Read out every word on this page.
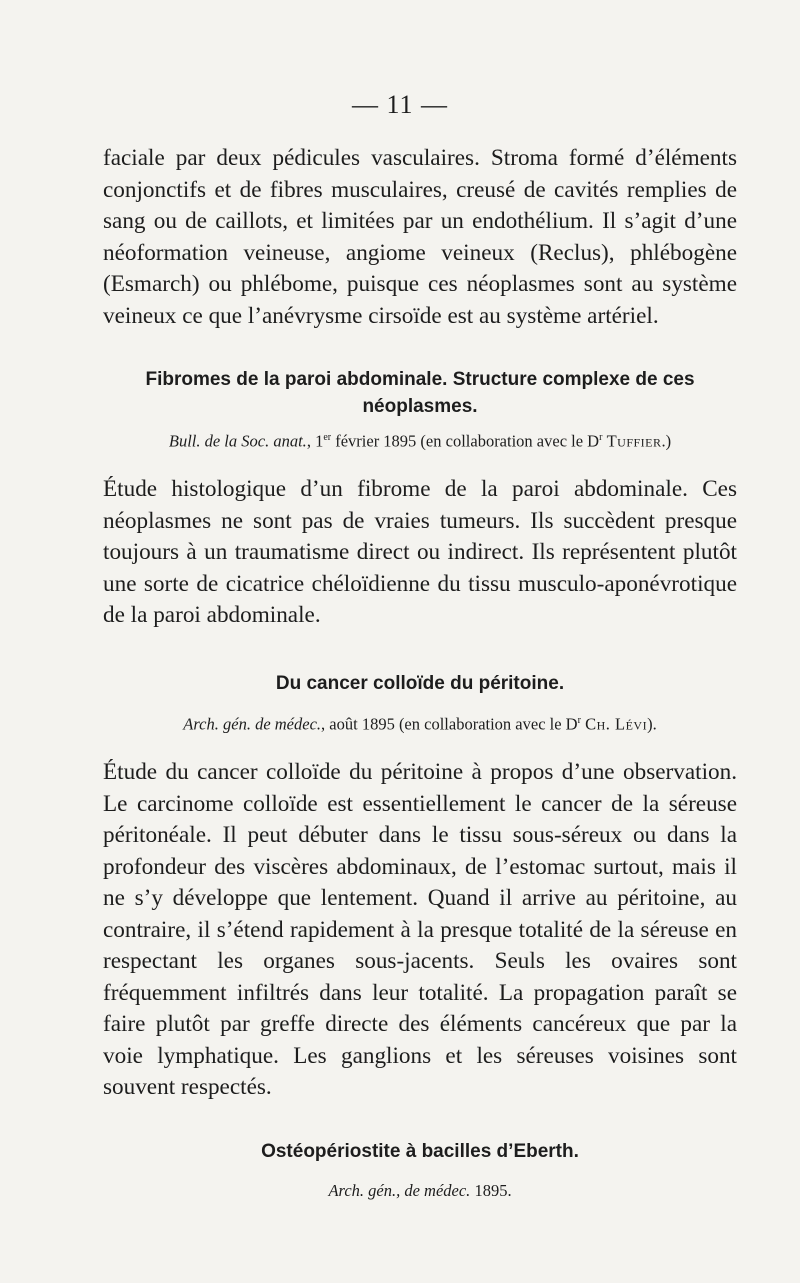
— 11 —

faciale par deux pédicules vasculaires. Stroma formé d’éléments conjonctifs et de fibres musculaires, creusé de cavités remplies de sang ou de caillots, et limitées par un endothélium. Il s’agit d’une néoformation veineuse, angiome veineux (Reclus), phlébogène (Esmarch) ou phlébome, puisque ces néoplasmes sont au système veineux ce que l’anévrysme cirsoïde est au système artériel.

Fibromes de la paroi abdominale. Structure complexe de ces néoplasmes.

Bull. de la Soc. anat., 1er février 1895 (en collaboration avec le $D^r$ Tuffier.)

Étude histologique d’un fibrome de la paroi abdominale. Ces néoplasmes ne sont pas de vraies tumeurs. Ils succèdent presque toujours à un traumatisme direct ou indirect. Ils représentent plutôt une sorte de cicatrice chéloïdienne du tissu musculo-aponévrotique de la paroi abdominale.

Du cancer colloïde du péritoine.

Arch. gén. de médec., août 1895 (en collaboration avec le $D^r$ Ch. Lévi).

Étude du cancer colloïde du péritoine à propos d’une observation. Le carcinome colloïde est essentiellement le cancer de la séreuse péritonéale. Il peut débuter dans le tissu sous-séreux ou dans la profondeur des viscères abdominaux, de l’estomac surtout, mais il ne s’y développe que lentement. Quand il arrive au péritoine, au contraire, il s’étend rapidement à la presque totalité de la séreuse en respectant les organes sous-jacents. Seuls les ovaires sont fréquemment infiltrés dans leur totalité. La propagation paraît se faire plutôt par greffe directe des éléments cancéreux que par la voie lymphatique. Les ganglions et les séreuses voisines sont souvent respectés.

Ostéopériostite à bacilles d’Eberth.

Arch. gén., de médec. 1895.
